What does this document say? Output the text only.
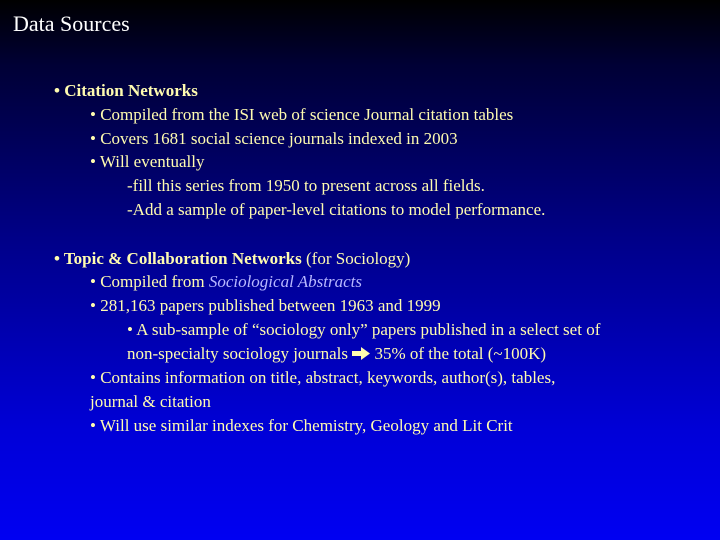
Data Sources
• Citation Networks
• Compiled from the ISI web of science Journal citation tables
• Covers 1681 social science journals indexed in 2003
• Will eventually
-fill this series from 1950 to present across all fields.
-Add a sample of paper-level citations to model performance.
• Topic & Collaboration Networks (for Sociology)
• Compiled from Sociological Abstracts
• 281,163 papers published between 1963 and 1999
• A sub-sample of “sociology only” papers published in a select set of
non-specialty sociology journals  35% of the total (~100K)
• Contains information on title, abstract, keywords, author(s), tables,
journal & citation
• Will use similar indexes for Chemistry, Geology and Lit Crit
